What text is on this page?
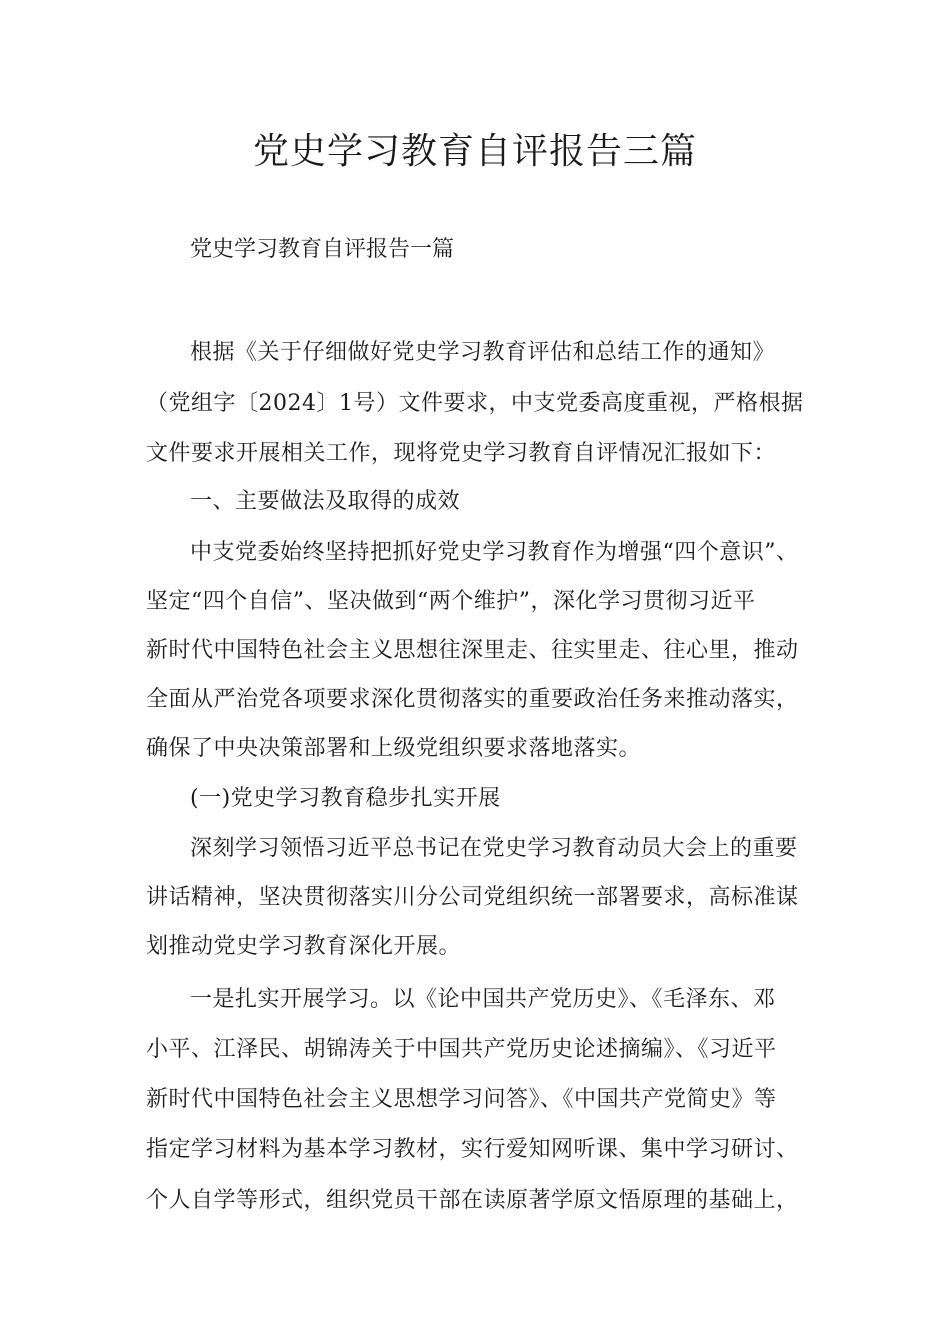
党史学习教育自评报告三篇
党史学习教育自评报告一篇
根据《关于仔细做好党史学习教育评估和总结工作的通知》
（党组字〔2024〕1号）文件要求，中支党委高度重视，严格根据
文件要求开展相关工作，现将党史学习教育自评情况汇报如下：
一、主要做法及取得的成效
中支党委始终坚持把抓好党史学习教育作为增强“四个意识”、
坚定“四个自信”、坚决做到“两个维护”，深化学习贯彻习近平
新时代中国特色社会主义思想往深里走、往实里走、往心里，推动
全面从严治党各项要求深化贯彻落实的重要政治任务来推动落实，
确保了中央决策部署和上级党组织要求落地落实。
(一)党史学习教育稳步扎实开展
深刻学习领悟习近平总书记在党史学习教育动员大会上的重要
讲话精神，坚决贯彻落实川分公司党组织统一部署要求，高标准谋
划推动党史学习教育深化开展。
一是扎实开展学习。以《论中国共产党历史》、《毛泽东、邓
小平、江泽民、胡锦涛关于中国共产党历史论述摘编》、《习近平
新时代中国特色社会主义思想学习问答》、《中国共产党简史》等
指定学习材料为基本学习教材，实行爱知网听课、集中学习研讨、
个人自学等形式，组织党员干部在读原著学原文悟原理的基础上，
